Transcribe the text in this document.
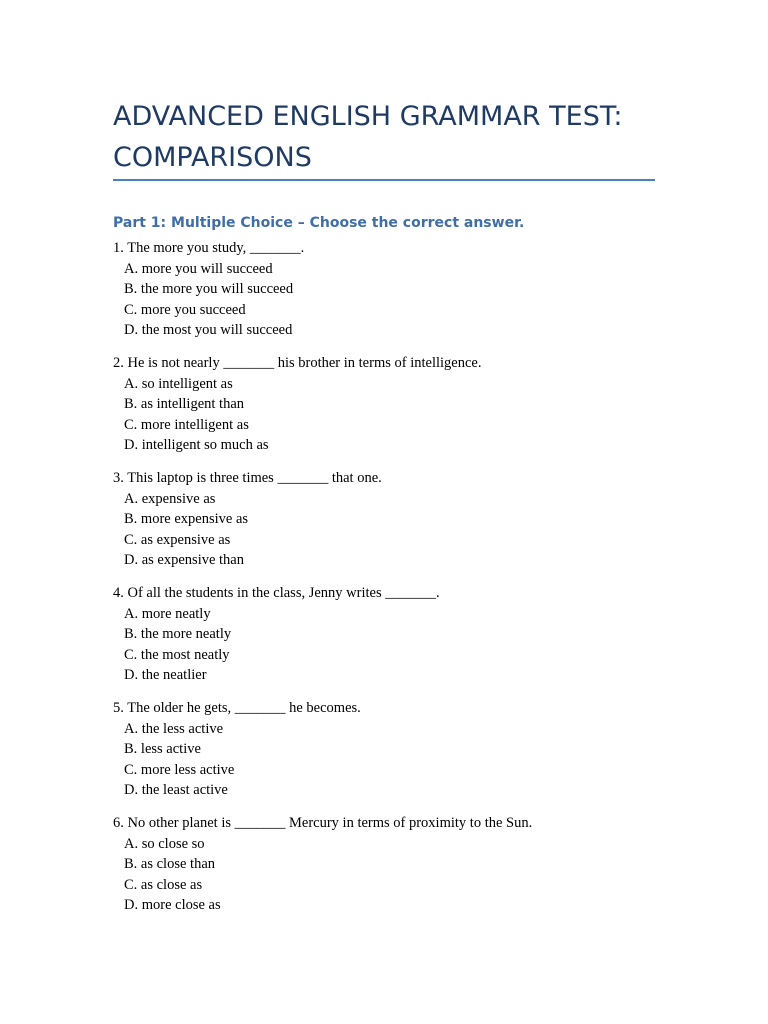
ADVANCED ENGLISH GRAMMAR TEST: COMPARISONS
Part 1: Multiple Choice – Choose the correct answer.

1. The more you study, _______.

A. more you will succeed

B. the more you will succeed

C. more you succeed

D. the most you will succeed

2. He is not nearly _______ his brother in terms of intelligence.

A. so intelligent as

B. as intelligent than

C. more intelligent as

D. intelligent so much as

3. This laptop is three times _______ that one.

A. expensive as

B. more expensive as

C. as expensive as

D. as expensive than

4. Of all the students in the class, Jenny writes _______.

A. more neatly

B. the more neatly

C. the most neatly

D. the neatlier

5. The older he gets, _______ he becomes.

A. the less active

B. less active

C. more less active

D. the least active

6. No other planet is _______ Mercury in terms of proximity to the Sun.

A. so close so

B. as close than

C. as close as

D. more close as
